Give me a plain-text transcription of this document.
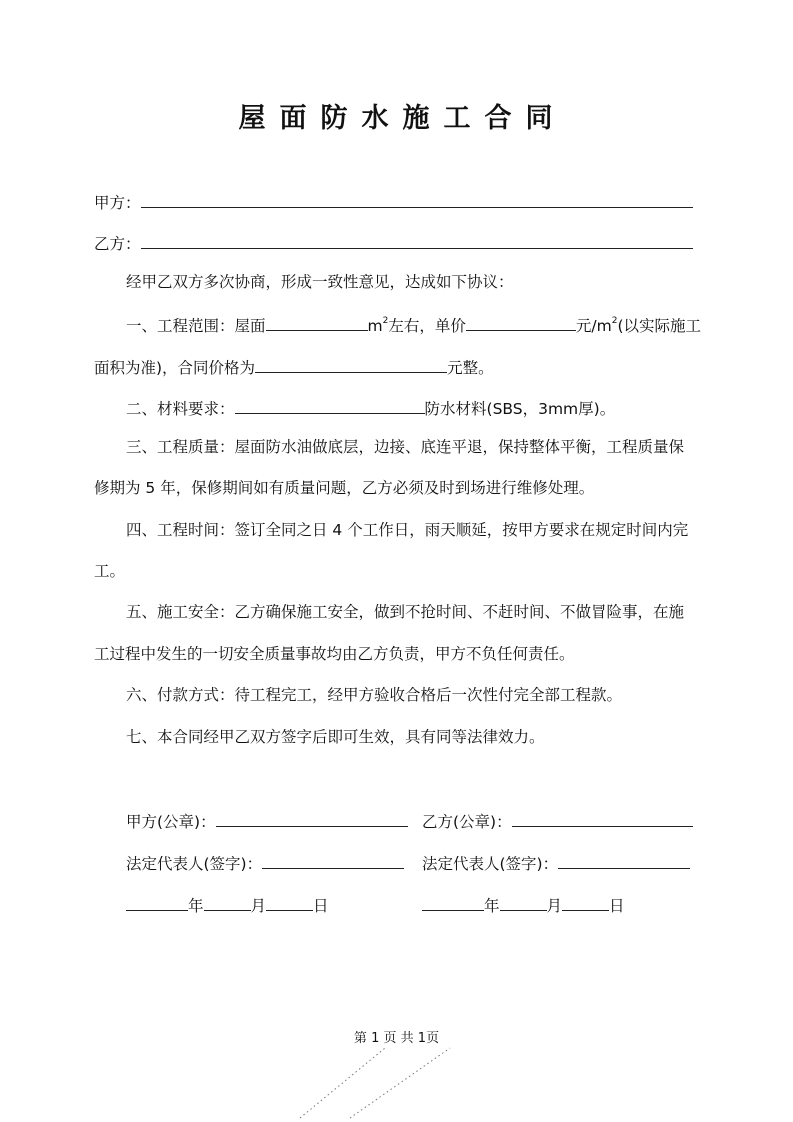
屋面防水施工合同
甲方：
乙方：
经甲乙双方多次协商，形成一致性意见，达成如下协议：
一、工程范围：屋面	$m^2$左右，单价	元$/m^2$(以实际施工
面积为准)，合同价格为	元整。
二、材料要求：	防水材料(SBS，3mm厚)。
三、工程质量：屋面防水油做底层，边接、底连平退，保持整体平衡，工程质量保
修期为 5 年，保修期间如有质量问题，乙方必须及时到场进行维修处理。
四、工程时间：签订全同之日 4 个工作日，雨天顺延，按甲方要求在规定时间内完
工。
五、施工安全：乙方确保施工安全，做到不抢时间、不赶时间、不做冒险事，在施
工过程中发生的一切安全质量事故均由乙方负责，甲方不负任何责任。
六、付款方式：待工程完工，经甲方验收合格后一次性付完全部工程款。
七、本合同经甲乙双方签字后即可生效，具有同等法律效力。
甲方(公章)：	乙方(公章)：
法定代表人(签字)：	法定代表人(签字)：
年	月	日	年	月	日
第 1 页 共 1页
